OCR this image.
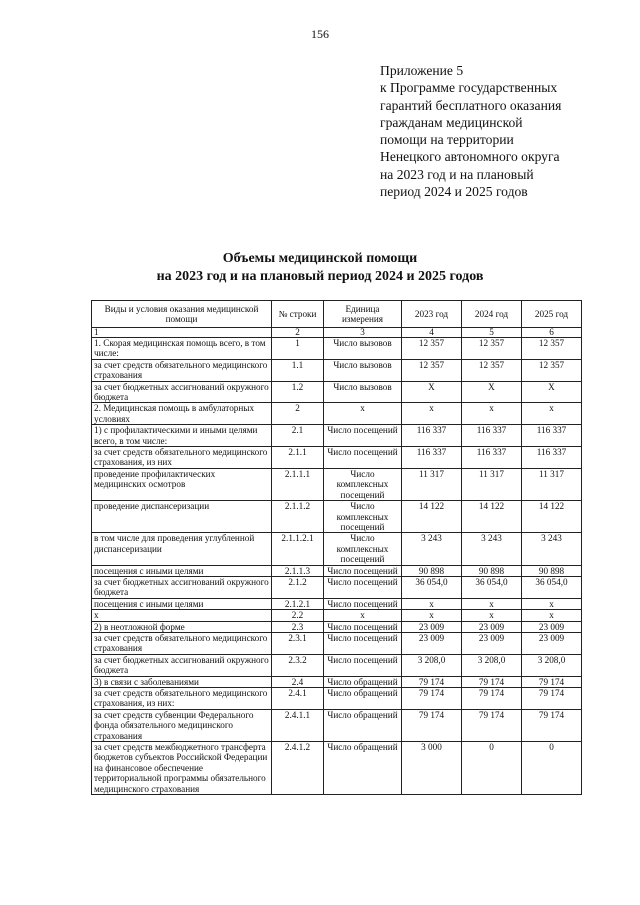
156
Приложение 5
к Программе государственных
гарантий бесплатного оказания
гражданам медицинской
помощи на территории
Ненецкого автономного округа
на 2023 год и на плановый
период 2024 и 2025 годов
Объемы медицинской помощи
на 2023 год и на плановый период 2024 и 2025 годов
Виды и условия оказания медицинской помощи	№ строки	Единица измерения	2023 год	2024 год	2025 год
1	2	3	4	5	6
1. Скорая медицинская помощь всего, в том числе:	1	Число вызовов	12 357	12 357	12 357
за счет средств обязательного медицинского страхования	1.1	Число вызовов	12 357	12 357	12 357
за счет бюджетных ассигнований окружного бюджета	1.2	Число вызовов	X	X	X
2. Медицинская помощь в амбулаторных условиях	2	x	x	x	x
1) с профилактическими и иными целями всего, в том числе:	2.1	Число посещений	116 337	116 337	116 337
за счет средств обязательного медицинского страхования, из них	2.1.1	Число посещений	116 337	116 337	116 337
проведение профилактических медицинских осмотров	2.1.1.1	Число комплексных посещений	11 317	11 317	11 317
проведение диспансеризации	2.1.1.2	Число комплексных посещений	14 122	14 122	14 122
в том числе для проведения углубленной диспансеризации	2.1.1.2.1	Число комплексных посещений	3 243	3 243	3 243
посещения с иными целями	2.1.1.3	Число посещений	90 898	90 898	90 898
за счет бюджетных ассигнований окружного бюджета	2.1.2	Число посещений	36 054,0	36 054,0	36 054,0
посещения с иными целями	2.1.2.1	Число посещений	x	x	x
x	2.2	x	x	x	x
2) в неотложной форме	2.3	Число посещений	23 009	23 009	23 009
за счет средств обязательного медицинского страхования	2.3.1	Число посещений	23 009	23 009	23 009
за счет бюджетных ассигнований окружного бюджета	2.3.2	Число посещений	3 208,0	3 208,0	3 208,0
3) в связи с заболеваниями	2.4	Число обращений	79 174	79 174	79 174
за счет средств обязательного медицинского страхования, из них:	2.4.1	Число обращений	79 174	79 174	79 174
за счет средств субвенции Федерального фонда обязательного медицинского страхования	2.4.1.1	Число обращений	79 174	79 174	79 174
за счет средств межбюджетного трансферта бюджетов субъектов Российской Федерации на финансовое обеспечение территориальной программы обязательного медицинского страхования	2.4.1.2	Число обращений	3 000	0	0
